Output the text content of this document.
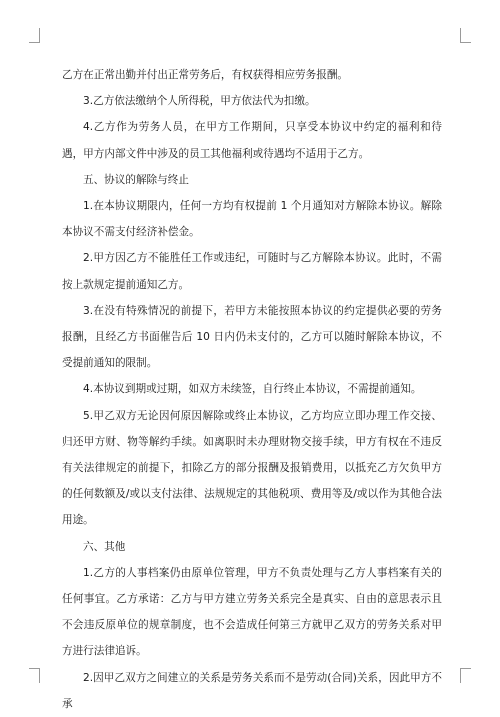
乙方在正常出勤并付出正常劳务后，有权获得相应劳务报酬。

3.乙方依法缴纳个人所得税，甲方依法代为扣缴。

4.乙方作为劳务人员，在甲方工作期间，只享受本协议中约定的福利和待遇，甲方内部文件中涉及的员工其他福利或待遇均不适用于乙方。

五、协议的解除与终止

1.在本协议期限内，任何一方均有权提前 1 个月通知对方解除本协议。解除本协议不需支付经济补偿金。

2.甲方因乙方不能胜任工作或违纪，可随时与乙方解除本协议。此时，不需按上款规定提前通知乙方。

3.在没有特殊情况的前提下，若甲方未能按照本协议的约定提供必要的劳务报酬，且经乙方书面催告后 10 日内仍未支付的，乙方可以随时解除本协议，不受提前通知的限制。

4.本协议到期或过期，如双方未续签，自行终止本协议，不需提前通知。

5.甲乙双方无论因何原因解除或终止本协议，乙方均应立即办理工作交接、归还甲方财、物等解约手续。如离职时未办理财物交接手续，甲方有权在不违反有关法律规定的前提下，扣除乙方的部分报酬及报销费用，以抵充乙方欠负甲方的任何数额及/或以支付法律、法规规定的其他税项、费用等及/或以作为其他合法用途。

六、其他

1.乙方的人事档案仍由原单位管理，甲方不负责处理与乙方人事档案有关的任何事宜。乙方承诺：乙方与甲方建立劳务关系完全是真实、自由的意思表示且不会违反原单位的规章制度，也不会造成任何第三方就甲乙双方的劳务关系对甲方进行法律追诉。

2.因甲乙双方之间建立的关系是劳务关系而不是劳动(合同)关系，因此甲方不承
